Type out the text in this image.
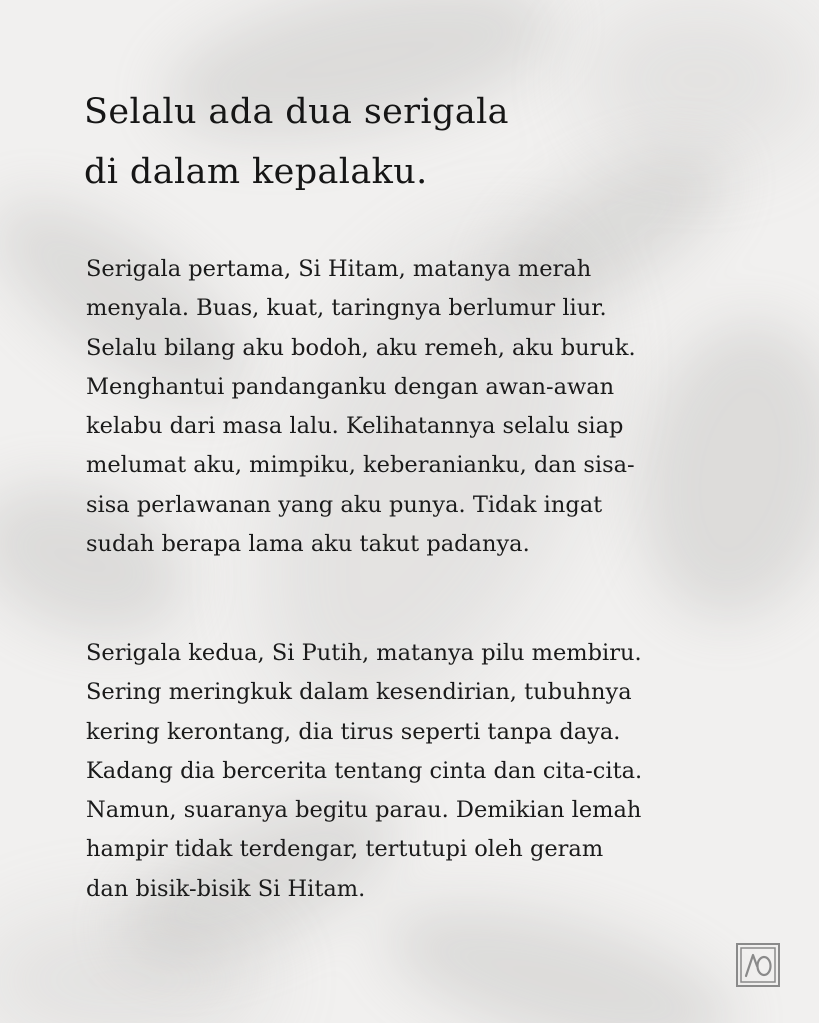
Selalu ada dua serigala
di dalam kepalaku.

Serigala pertama, Si Hitam, matanya merah
menyala. Buas, kuat, taringnya berlumur liur.
Selalu bilang aku bodoh, aku remeh, aku buruk.
Menghantui pandanganku dengan awan-awan
kelabu dari masa lalu. Kelihatannya selalu siap
melumat aku, mimpiku, keberanianku, dan sisa-
sisa perlawanan yang aku punya. Tidak ingat
sudah berapa lama aku takut padanya.

Serigala kedua, Si Putih, matanya pilu membiru.
Sering meringkuk dalam kesendirian, tubuhnya
kering kerontang, dia tirus seperti tanpa daya.
Kadang dia bercerita tentang cinta dan cita-cita.
Namun, suaranya begitu parau. Demikian lemah
hampir tidak terdengar, tertutupi oleh geram
dan bisik-bisik Si Hitam.
